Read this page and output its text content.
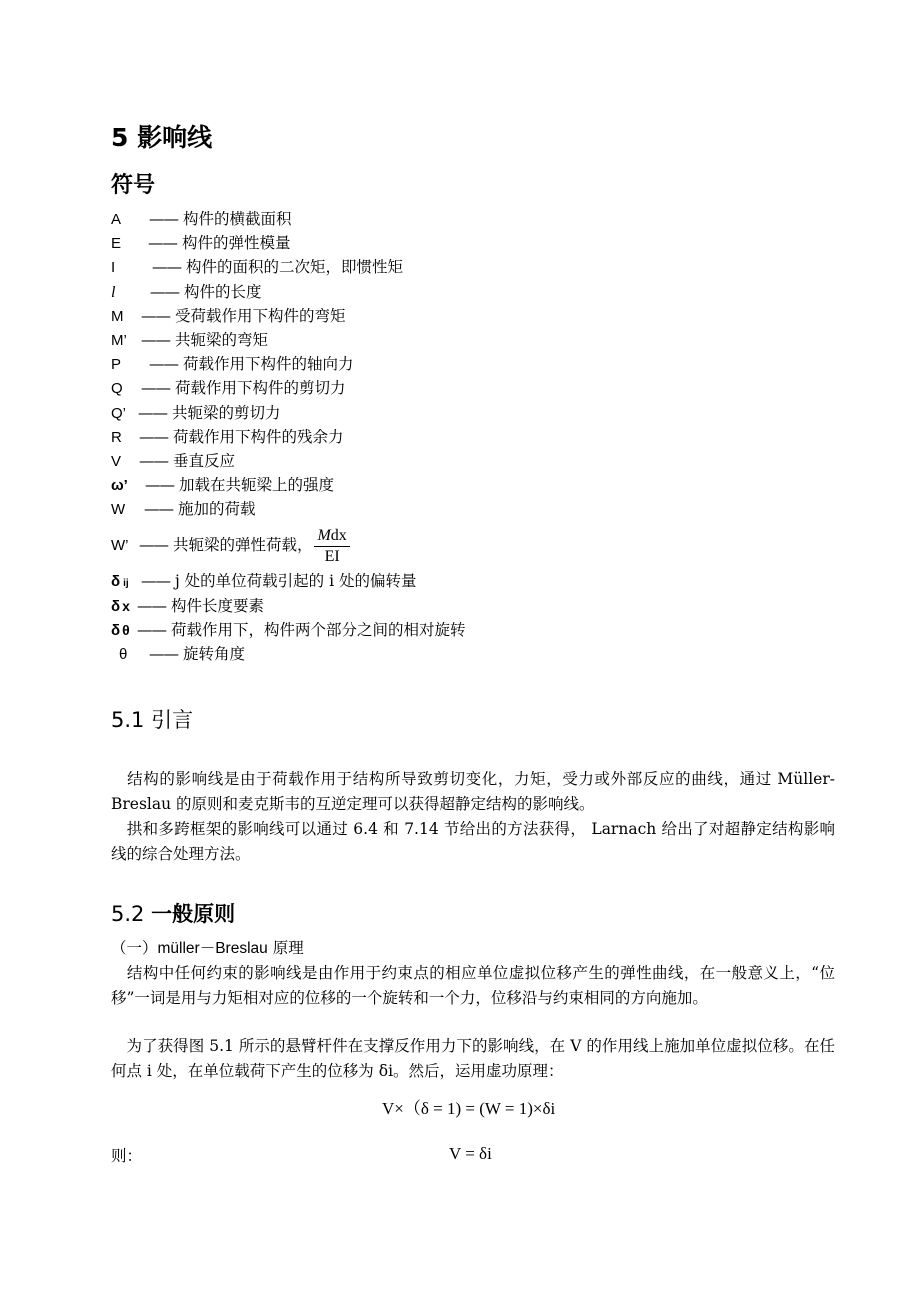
5 影响线
符号
A —— 构件的横截面积
E —— 构件的弹性模量
I —— 构件的面积的二次矩，即惯性矩
l —— 构件的长度
M —— 受荷载作用下构件的弯矩
M’ —— 共轭梁的弯矩
P —— 荷载作用下构件的轴向力
Q —— 荷载作用下构件的剪切力
Q’ —— 共轭梁的剪切力
R —— 荷载作用下构件的残余力
V —— 垂直反应
ω’ —— 加载在共轭梁上的强度
W —— 施加的荷载
W’ —— 共轭梁的弹性荷载， $\frac{\text{Mdx}}{EI}$
δ ij —— j 处的单位荷载引起的 i 处的偏转量
δ x —— 构件长度要素
δ θ —— 荷载作用下，构件两个部分之间的相对旋转
θ —— 旋转角度
5.1 引言
　结构的影响线是由于荷载作用于结构所导致剪切变化，力矩，受力或外部反应的曲线，通过 Müller-Breslau 的原则和麦克斯韦的互逆定理可以获得超静定结构的影响线。
　拱和多跨框架的影响线可以通过 6.4 和 7.14 节给出的方法获得， Larnach 给出了对超静定结构影响线的综合处理方法。
5.2 一般原则
（一）müller－Breslau 原理
　结构中任何约束的影响线是由作用于约束点的相应单位虚拟位移产生的弹性曲线，在一般意义上，“位移”一词是用与力矩相对应的位移的一个旋转和一个力，位移沿与约束相同的方向施加。
　为了获得图 5.1 所示的悬臂杆件在支撑反作用力下的影响线，在 V 的作用线上施加单位虚拟位移。在任何点 i 处，在单位载荷下产生的位移为 δi。然后，运用虚功原理：
V×（δ = 1) = (W = 1)×δi
则：	V = δi
